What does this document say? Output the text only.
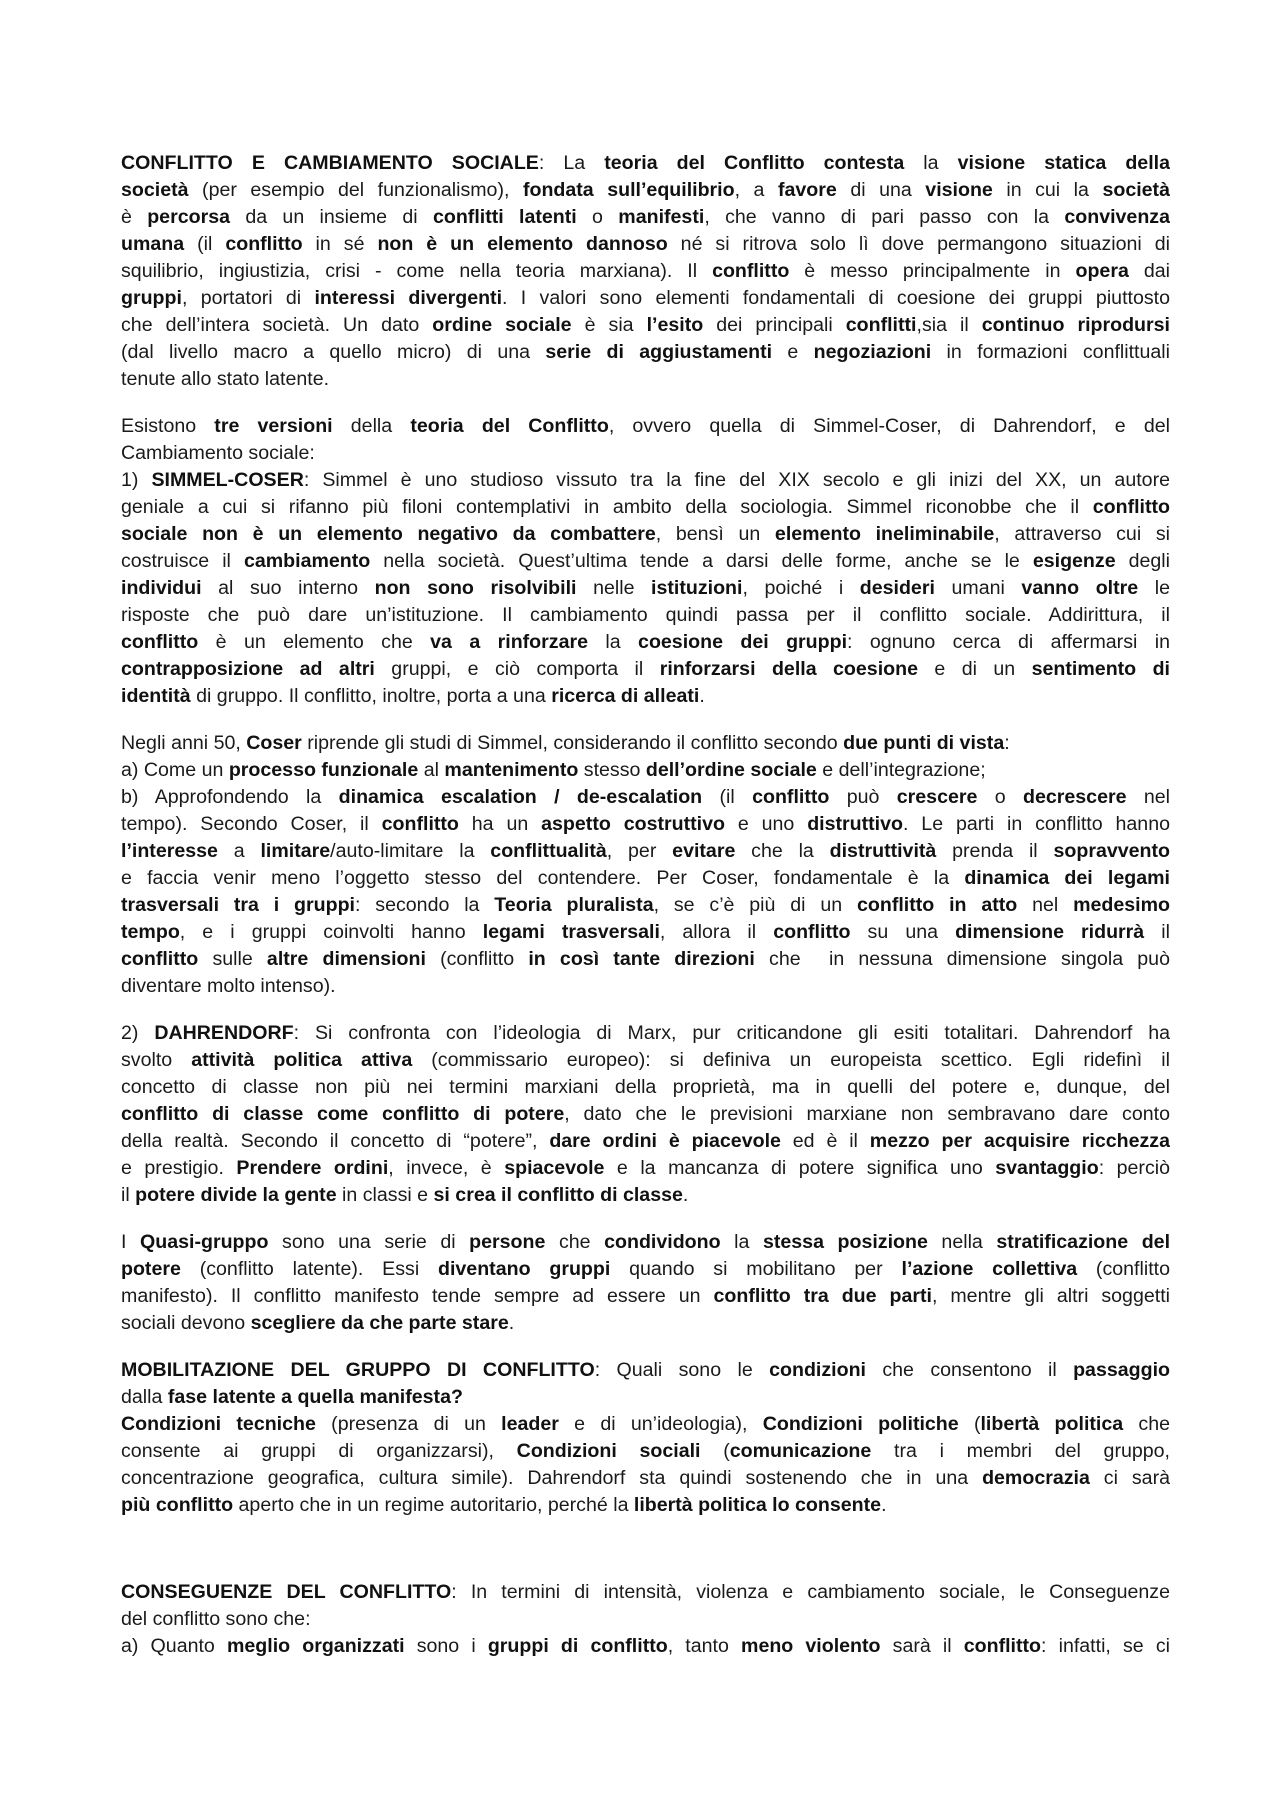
CONFLITTO E CAMBIAMENTO SOCIALE: La teoria del Conflitto contesta la visione statica della
società (per esempio del funzionalismo), fondata sull’equilibrio, a favore di una visione in cui la società
è percorsa da un insieme di conflitti latenti o manifesti, che vanno di pari passo con la convivenza
umana (il conflitto in sé non è un elemento dannoso né si ritrova solo lì dove permangono situazioni di
squilibrio, ingiustizia, crisi - come nella teoria marxiana). Il conflitto è messo principalmente in opera dai
gruppi, portatori di interessi divergenti. I valori sono elementi fondamentali di coesione dei gruppi piuttosto
che dell’intera società. Un dato ordine sociale è sia l’esito dei principali conflitti,sia il continuo riprodursi
(dal livello macro a quello micro) di una serie di aggiustamenti e negoziazioni in formazioni conflittuali
tenute allo stato latente.
Esistono tre versioni della teoria del Conflitto, ovvero quella di Simmel-Coser, di Dahrendorf, e del
Cambiamento sociale:
1) SIMMEL-COSER: Simmel è uno studioso vissuto tra la fine del XIX secolo e gli inizi del XX, un autore
geniale a cui si rifanno più filoni contemplativi in ambito della sociologia. Simmel riconobbe che il conflitto
sociale non è un elemento negativo da combattere, bensì un elemento ineliminabile, attraverso cui si
costruisce il cambiamento nella società. Quest’ultima tende a darsi delle forme, anche se le esigenze degli
individui al suo interno non sono risolvibili nelle istituzioni, poiché i desideri umani vanno oltre le
risposte che può dare un’istituzione. Il cambiamento quindi passa per il conflitto sociale. Addirittura, il
conflitto è un elemento che va a rinforzare la coesione dei gruppi: ognuno cerca di affermarsi in
contrapposizione ad altri gruppi, e ciò comporta il rinforzarsi della coesione e di un sentimento di
identità di gruppo. Il conflitto, inoltre, porta a una ricerca di alleati.
Negli anni 50, Coser riprende gli studi di Simmel, considerando il conflitto secondo due punti di vista:
a) Come un processo funzionale al mantenimento stesso dell’ordine sociale e dell’integrazione;
b) Approfondendo la dinamica escalation / de-escalation (il conflitto può crescere o decrescere nel
tempo). Secondo Coser, il conflitto ha un aspetto costruttivo e uno distruttivo. Le parti in conflitto hanno
l’interesse a limitare/auto-limitare la conflittualità, per evitare che la distruttività prenda il sopravvento
e faccia venir meno l’oggetto stesso del contendere. Per Coser, fondamentale è la dinamica dei legami
trasversali tra i gruppi: secondo la Teoria pluralista, se c’è più di un conflitto in atto nel medesimo
tempo, e i gruppi coinvolti hanno legami trasversali, allora il conflitto su una dimensione ridurrà il
conflitto sulle altre dimensioni (conflitto in così tante direzioni che  in nessuna dimensione singola può
diventare molto intenso).
2) DAHRENDORF: Si confronta con l’ideologia di Marx, pur criticandone gli esiti totalitari. Dahrendorf ha
svolto attività politica attiva (commissario europeo): si definiva un europeista scettico. Egli ridefinì il
concetto di classe non più nei termini marxiani della proprietà, ma in quelli del potere e, dunque, del
conflitto di classe come conflitto di potere, dato che le previsioni marxiane non sembravano dare conto
della realtà. Secondo il concetto di “potere”, dare ordini è piacevole ed è il mezzo per acquisire ricchezza
e prestigio. Prendere ordini, invece, è spiacevole e la mancanza di potere significa uno svantaggio: perciò
il potere divide la gente in classi e si crea il conflitto di classe.
I Quasi-gruppo sono una serie di persone che condividono la stessa posizione nella stratificazione del
potere (conflitto latente). Essi diventano gruppi quando si mobilitano per l’azione collettiva (conflitto
manifesto). Il conflitto manifesto tende sempre ad essere un conflitto tra due parti, mentre gli altri soggetti
sociali devono scegliere da che parte stare.
MOBILITAZIONE DEL GRUPPO DI CONFLITTO: Quali sono le condizioni che consentono il passaggio
dalla fase latente a quella manifesta?
Condizioni tecniche (presenza di un leader e di un’ideologia), Condizioni politiche (libertà politica che
consente ai gruppi di organizzarsi), Condizioni sociali (comunicazione tra i membri del gruppo,
concentrazione geografica, cultura simile). Dahrendorf sta quindi sostenendo che in una democrazia ci sarà
più conflitto aperto che in un regime autoritario, perché la libertà politica lo consente.
CONSEGUENZE DEL CONFLITTO: In termini di intensità, violenza e cambiamento sociale, le Conseguenze
del conflitto sono che:
a) Quanto meglio organizzati sono i gruppi di conflitto, tanto meno violento sarà il conflitto: infatti, se ci
